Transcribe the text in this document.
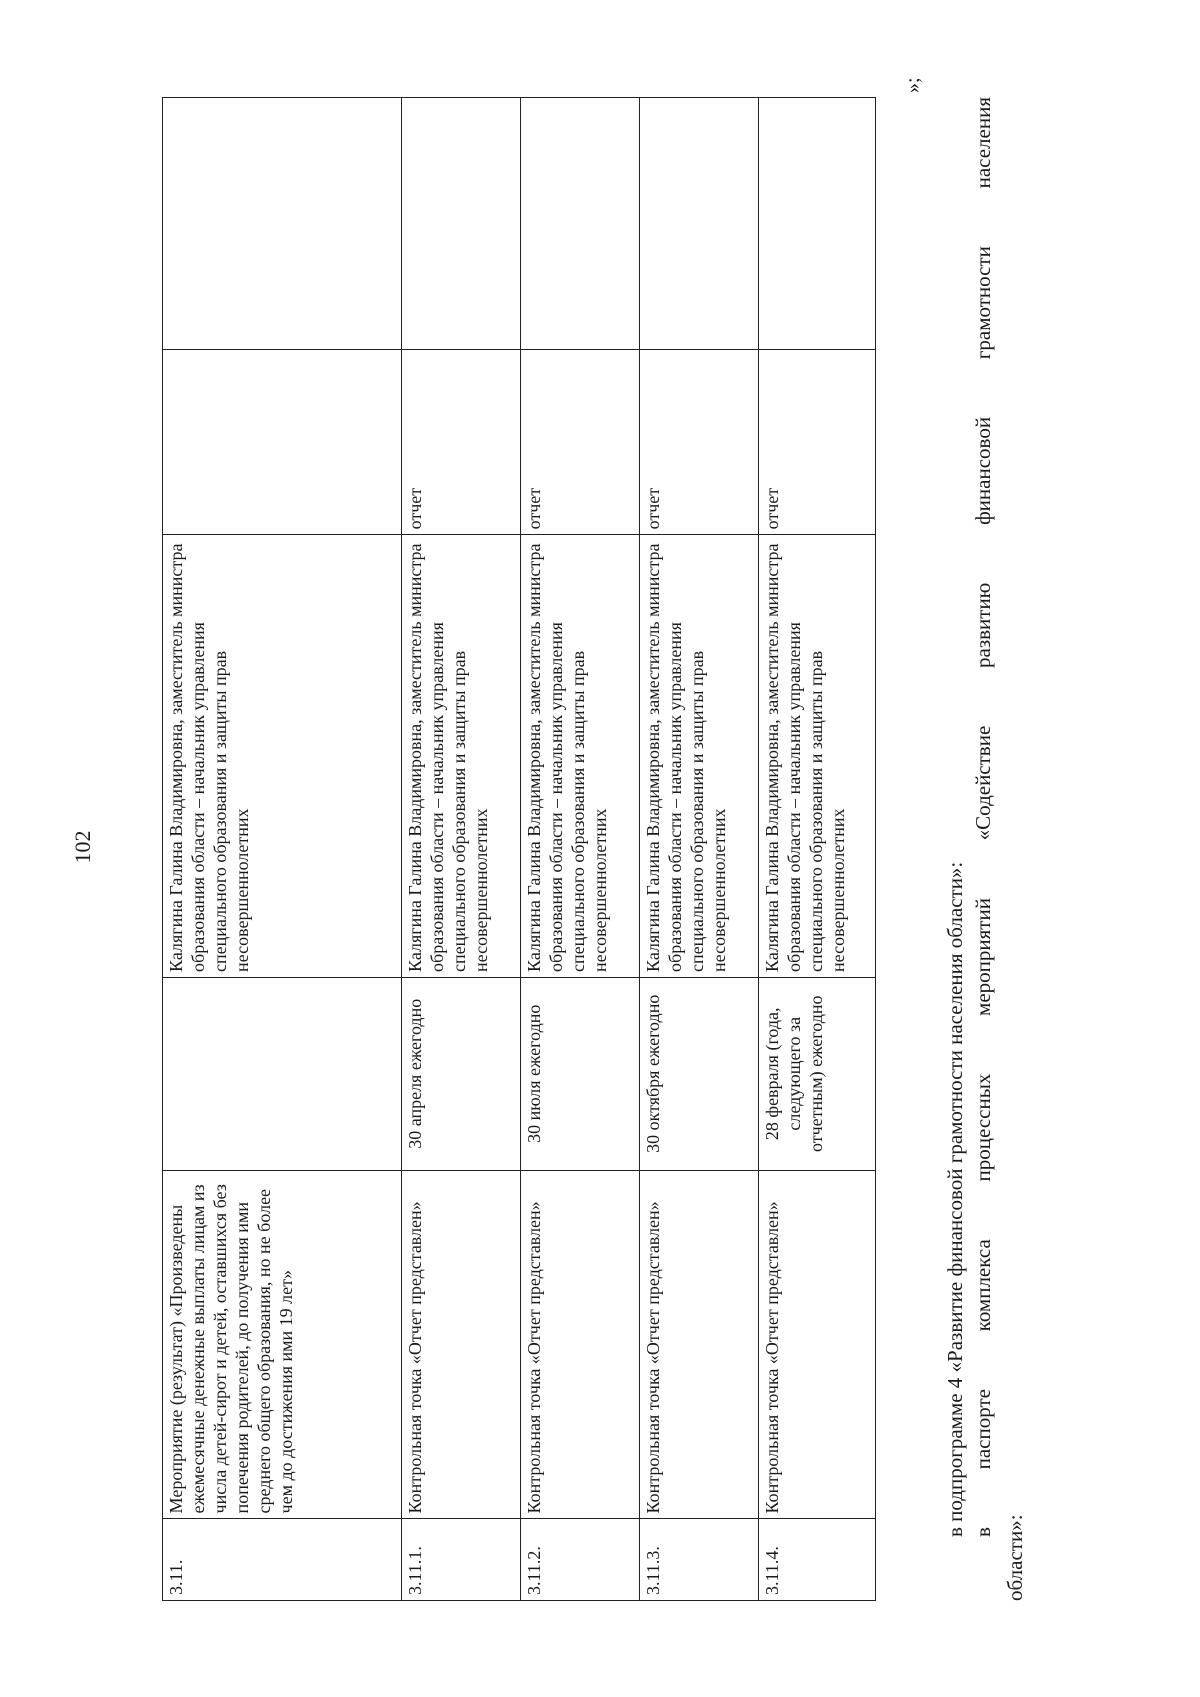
102
3.11.	Мероприятие (результат) «Произведены ежемесячные денежные выплаты лицам из числа детей-сирот и детей, оставшихся без попечения родителей, до получения ими среднего общего образования, но не более чем до достижения ими 19 лет»		Калягина Галина Владимировна, заместитель министра образования области – начальник управления специального образования и защиты прав несовершеннолетних		
3.11.1.	Контрольная точка «Отчет представлен»	30 апреля ежегодно	Калягина Галина Владимировна, заместитель министра образования области – начальник управления специального образования и защиты прав несовершеннолетних	отчет	
3.11.2.	Контрольная точка «Отчет представлен»	30 июля ежегодно	Калягина Галина Владимировна, заместитель министра образования области – начальник управления специального образования и защиты прав несовершеннолетних	отчет	
3.11.3.	Контрольная точка «Отчет представлен»	30 октября ежегодно	Калягина Галина Владимировна, заместитель министра образования области – начальник управления специального образования и защиты прав несовершеннолетних	отчет	
3.11.4.	Контрольная точка «Отчет представлен»	28 февраля (года, следующего за отчетным) ежегодно	Калягина Галина Владимировна, заместитель министра образования области – начальник управления специального образования и защиты прав несовершеннолетних	отчет	
»;
в подпрограмме 4 «Развитие финансовой грамотности населения области»: в паспорте комплекса процессных мероприятий «Содействие развитию финансовой грамотности населения
области»:
